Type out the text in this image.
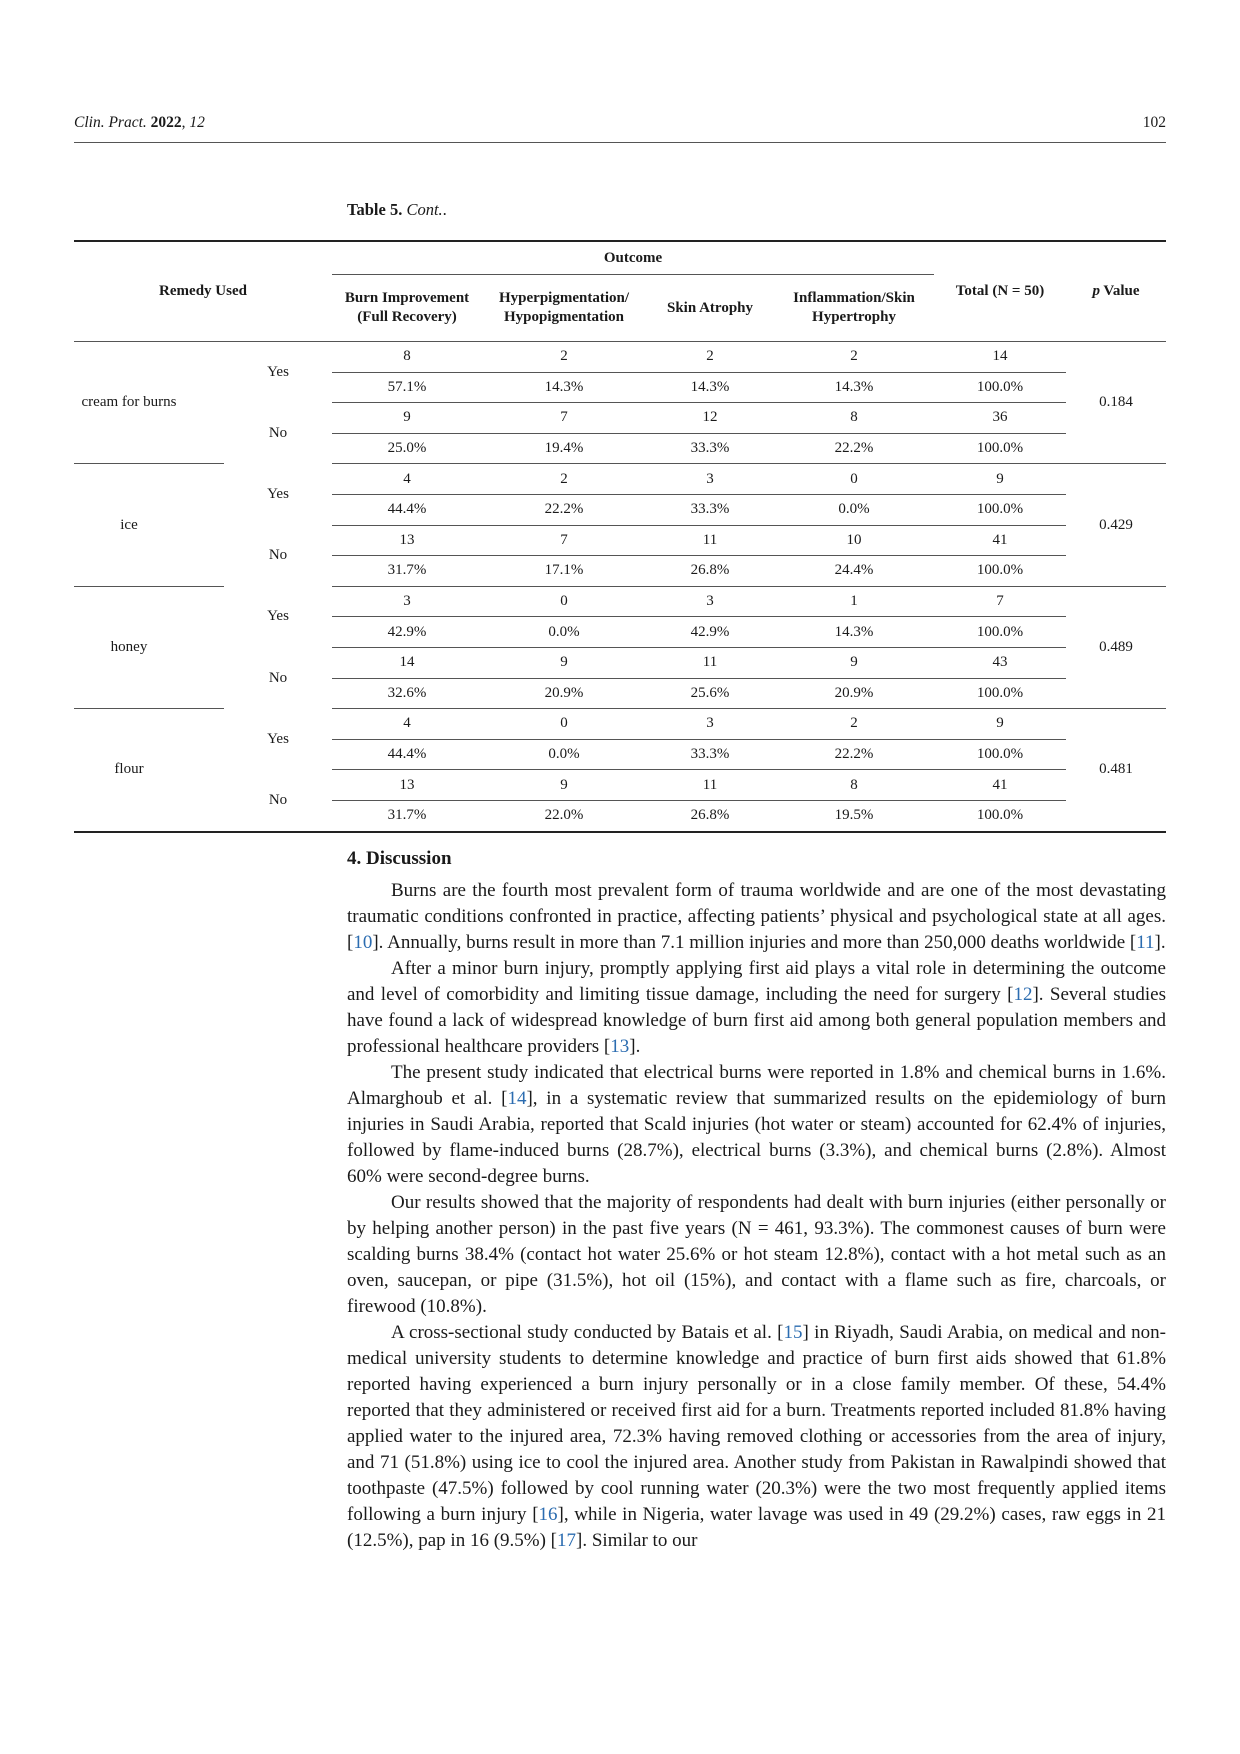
Clin. Pract. 2022, 12	102
Table 5. Cont..
Remedy Used		Outcome				Total (N = 50)	p Value
		Burn Improvement (Full Recovery)	Hyperpigmentation/ Hypopigmentation	Skin Atrophy	Inflammation/Skin Hypertrophy		
cream for burns	Yes	8	2	2	2	14	0.184
		57.1%	14.3%	14.3%	14.3%	100.0%	
	No	9	7	12	8	36	
		25.0%	19.4%	33.3%	22.2%	100.0%	
ice	Yes	4	2	3	0	9	0.429
		44.4%	22.2%	33.3%	0.0%	100.0%	
	No	13	7	11	10	41	
		31.7%	17.1%	26.8%	24.4%	100.0%	
honey	Yes	3	0	3	1	7	0.489
		42.9%	0.0%	42.9%	14.3%	100.0%	
	No	14	9	11	9	43	
		32.6%	20.9%	25.6%	20.9%	100.0%	
flour	Yes	4	0	3	2	9	0.481
		44.4%	0.0%	33.3%	22.2%	100.0%	
	No	13	9	11	8	41	
		31.7%	22.0%	26.8%	19.5%	100.0%	
4. Discussion

Burns are the fourth most prevalent form of trauma worldwide and are one of the most devastating traumatic conditions confronted in practice, affecting patients’ physical and psychological state at all ages. [10]. Annually, burns result in more than 7.1 million injuries and more than 250,000 deaths worldwide [11].

After a minor burn injury, promptly applying first aid plays a vital role in determining the outcome and level of comorbidity and limiting tissue damage, including the need for surgery [12]. Several studies have found a lack of widespread knowledge of burn first aid among both general population members and professional healthcare providers [13].

The present study indicated that electrical burns were reported in 1.8% and chemical burns in 1.6%. Almarghoub et al. [14], in a systematic review that summarized results on the epidemiology of burn injuries in Saudi Arabia, reported that Scald injuries (hot water or steam) accounted for 62.4% of injuries, followed by flame-induced burns (28.7%), electrical burns (3.3%), and chemical burns (2.8%). Almost 60% were second-degree burns.

Our results showed that the majority of respondents had dealt with burn injuries (either personally or by helping another person) in the past five years (N = 461, 93.3%). The commonest causes of burn were scalding burns 38.4% (contact hot water 25.6% or hot steam 12.8%), contact with a hot metal such as an oven, saucepan, or pipe (31.5%), hot oil (15%), and contact with a flame such as fire, charcoals, or firewood (10.8%).

A cross-sectional study conducted by Batais et al. [15] in Riyadh, Saudi Arabia, on medical and non-medical university students to determine knowledge and practice of burn first aids showed that 61.8% reported having experienced a burn injury personally or in a close family member. Of these, 54.4% reported that they administered or received first aid for a burn. Treatments reported included 81.8% having applied water to the injured area, 72.3% having removed clothing or accessories from the area of injury, and 71 (51.8%) using ice to cool the injured area. Another study from Pakistan in Rawalpindi showed that toothpaste (47.5%) followed by cool running water (20.3%) were the two most frequently applied items following a burn injury [16], while in Nigeria, water lavage was used in 49 (29.2%) cases, raw eggs in 21 (12.5%), pap in 16 (9.5%) [17]. Similar to our
